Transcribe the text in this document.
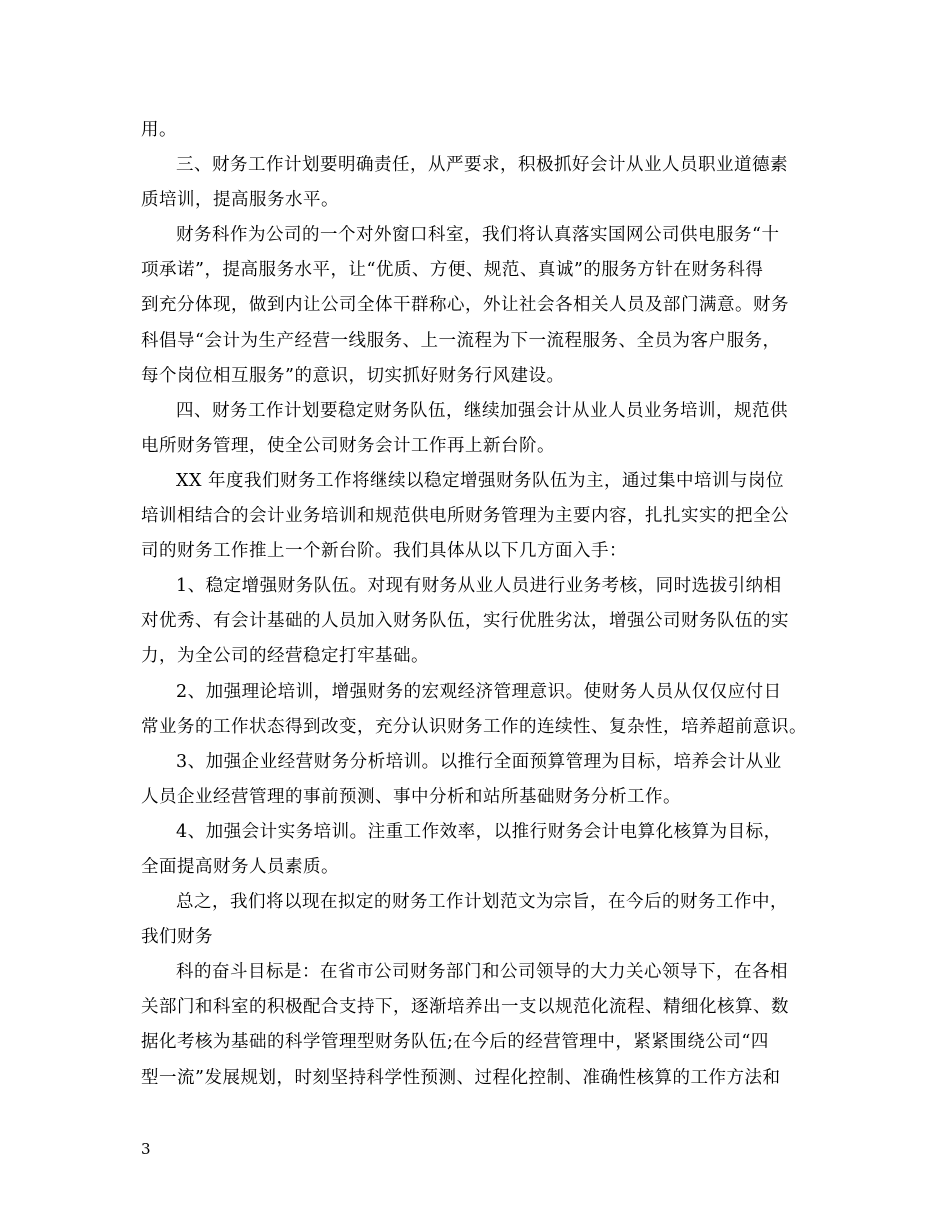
用。
三、财务工作计划要明确责任，从严要求，积极抓好会计从业人员职业道德素
质培训，提高服务水平。
财务科作为公司的一个对外窗口科室，我们将认真落实国网公司供电服务“十
项承诺”，提高服务水平，让“优质、方便、规范、真诚”的服务方针在财务科得
到充分体现，做到内让公司全体干群称心，外让社会各相关人员及部门满意。财务
科倡导“会计为生产经营一线服务、上一流程为下一流程服务、全员为客户服务，
每个岗位相互服务”的意识，切实抓好财务行风建设。
四、财务工作计划要稳定财务队伍，继续加强会计从业人员业务培训，规范供
电所财务管理，使全公司财务会计工作再上新台阶。
XX 年度我们财务工作将继续以稳定增强财务队伍为主，通过集中培训与岗位
培训相结合的会计业务培训和规范供电所财务管理为主要内容，扎扎实实的把全公
司的财务工作推上一个新台阶。我们具体从以下几方面入手：
1、稳定增强财务队伍。对现有财务从业人员进行业务考核，同时选拔引纳相
对优秀、有会计基础的人员加入财务队伍，实行优胜劣汰，增强公司财务队伍的实
力，为全公司的经营稳定打牢基础。
2、加强理论培训，增强财务的宏观经济管理意识。使财务人员从仅仅应付日
常业务的工作状态得到改变，充分认识财务工作的连续性、复杂性，培养超前意识。
3、加强企业经营财务分析培训。以推行全面预算管理为目标，培养会计从业
人员企业经营管理的事前预测、事中分析和站所基础财务分析工作。
4、加强会计实务培训。注重工作效率，以推行财务会计电算化核算为目标，
全面提高财务人员素质。
总之，我们将以现在拟定的财务工作计划范文为宗旨，在今后的财务工作中，
我们财务
科的奋斗目标是：在省市公司财务部门和公司领导的大力关心领导下，在各相
关部门和科室的积极配合支持下，逐渐培养出一支以规范化流程、精细化核算、数
据化考核为基础的科学管理型财务队伍;在今后的经营管理中，紧紧围绕公司“四
型一流”发展规划，时刻坚持科学性预测、过程化控制、准确性核算的工作方法和
3
